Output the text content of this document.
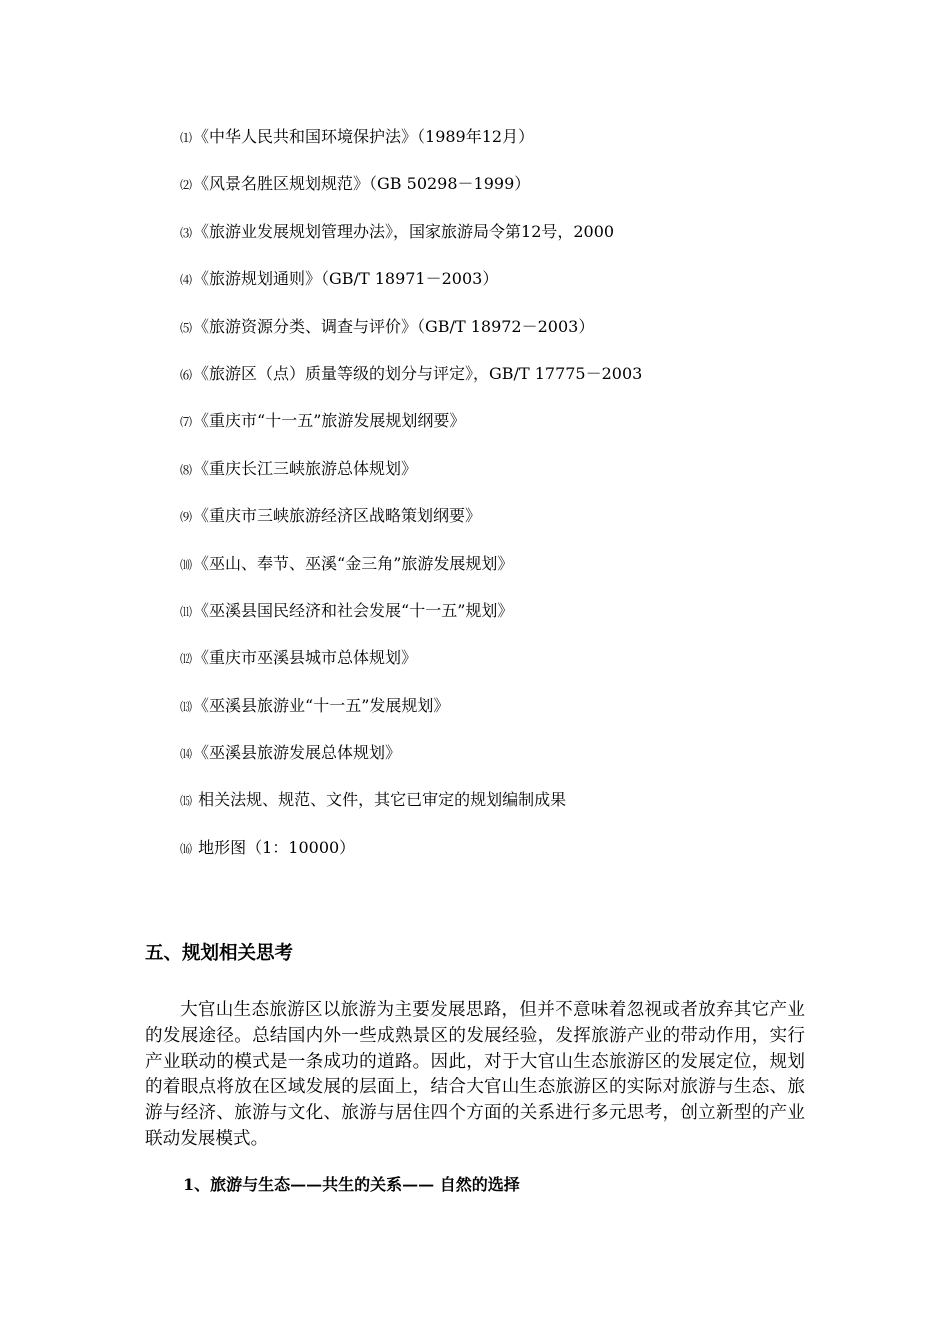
⑴《中华人民共和国环境保护法》（1989年12月）
⑵《风景名胜区规划规范》（GB 50298－1999）
⑶《旅游业发展规划管理办法》，国家旅游局令第12号，2000
⑷《旅游规划通则》（GB/T 18971－2003）
⑸《旅游资源分类、调查与评价》（GB/T 18972－2003）
⑹《旅游区（点）质量等级的划分与评定》，GB/T 17775－2003
⑺《重庆市“十一五”旅游发展规划纲要》
⑻《重庆长江三峡旅游总体规划》
⑼《重庆市三峡旅游经济区战略策划纲要》
⑽《巫山、奉节、巫溪“金三角”旅游发展规划》
⑾《巫溪县国民经济和社会发展“十一五”规划》
⑿《重庆市巫溪县城市总体规划》
⒀《巫溪县旅游业“十一五”发展规划》
⒁《巫溪县旅游发展总体规划》
⒂ 相关法规、规范、文件，其它已审定的规划编制成果
⒃ 地形图（1：10000）
五、规划相关思考

大官山生态旅游区以旅游为主要发展思路，但并不意味着忽视或者放弃其它产业的发展途径。总结国内外一些成熟景区的发展经验，发挥旅游产业的带动作用，实行产业联动的模式是一条成功的道路。因此，对于大官山生态旅游区的发展定位，规划的着眼点将放在区域发展的层面上，结合大官山生态旅游区的实际对旅游与生态、旅游与经济、旅游与文化、旅游与居住四个方面的关系进行多元思考，创立新型的产业联动发展模式。

1、旅游与生态——共生的关系—— 自然的选择
